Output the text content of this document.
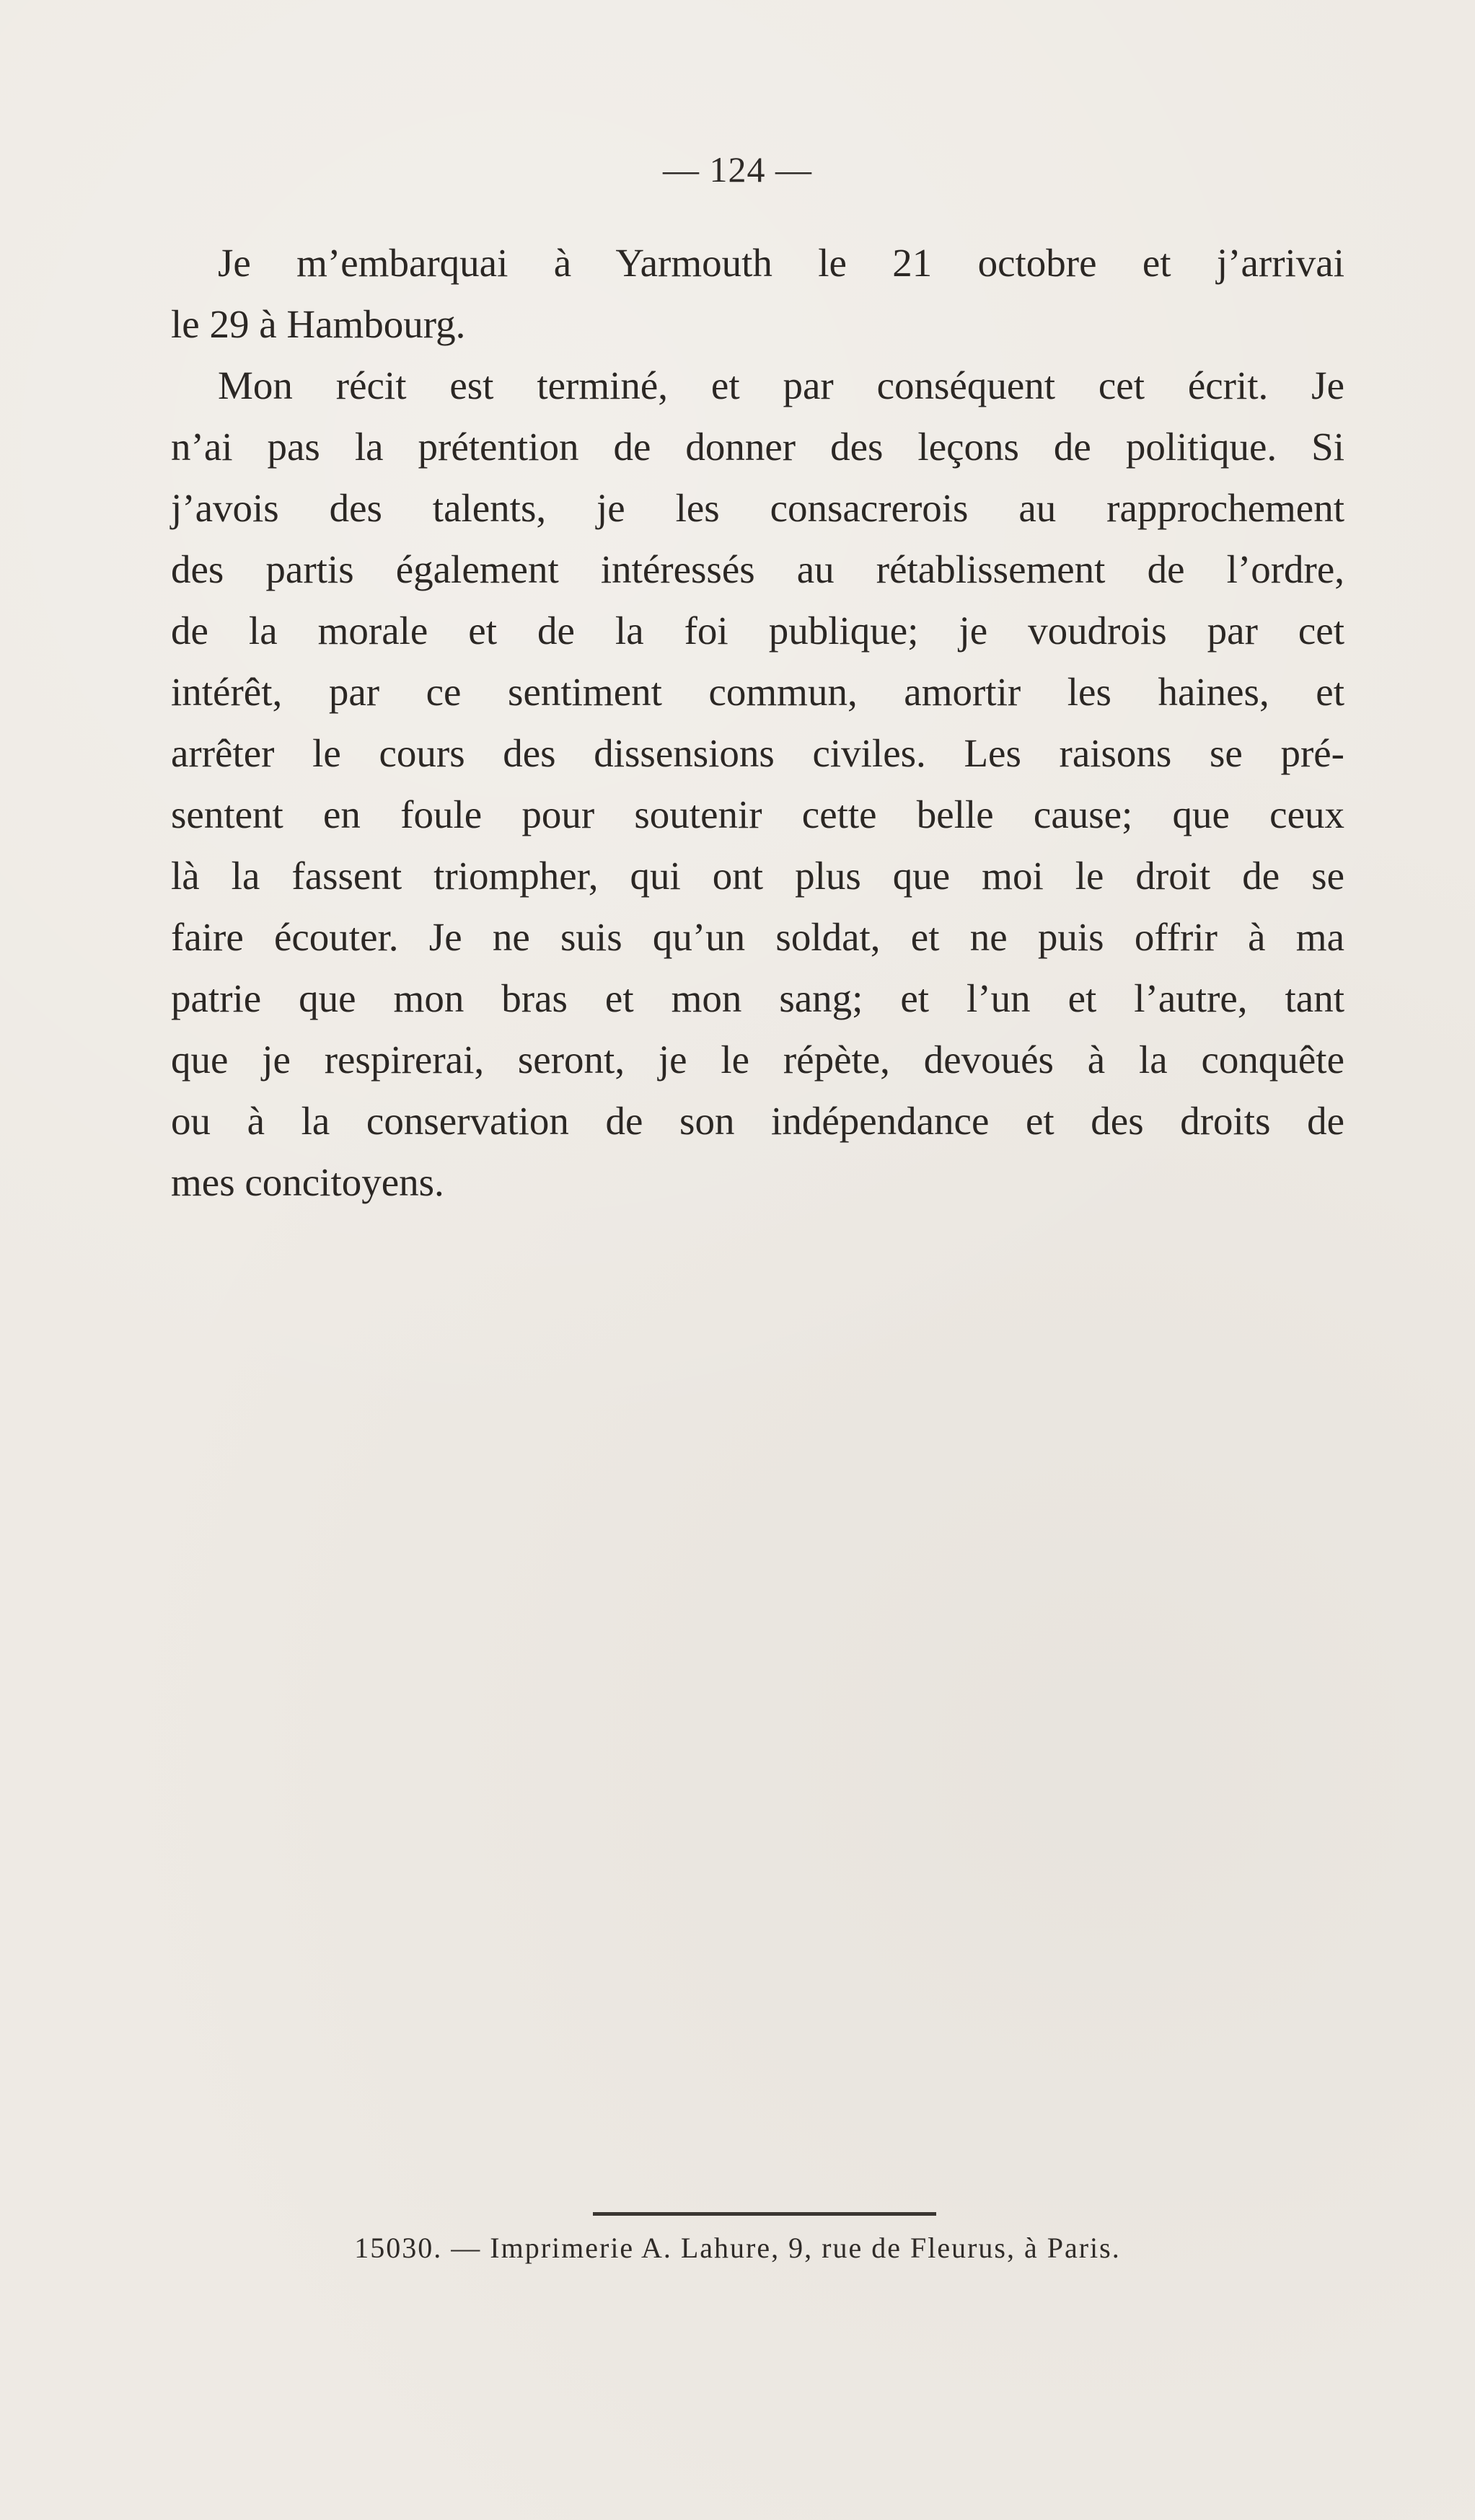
— 124 —
Je m’embarquai à Yarmouth le 21 octobre et j’arrivai
le 29 à Hambourg.
Mon récit est terminé, et par conséquent cet écrit. Je
n’ai pas la prétention de donner des leçons de politique. Si
j’avois des talents, je les consacrerois au rapprochement
des partis également intéressés au rétablissement de l’ordre,
de la morale et de la foi publique; je voudrois par cet
intérêt, par ce sentiment commun, amortir les haines, et
arrêter le cours des dissensions civiles. Les raisons se pré-
sentent en foule pour soutenir cette belle cause; que ceux
là la fassent triompher, qui ont plus que moi le droit de se
faire écouter. Je ne suis qu’un soldat, et ne puis offrir à ma
patrie que mon bras et mon sang; et l’un et l’autre, tant
que je respirerai, seront, je le répète, devoués à la conquête
ou à la conservation de son indépendance et des droits de
mes concitoyens.
15030. — Imprimerie A. Lahure, 9, rue de Fleurus, à Paris.
